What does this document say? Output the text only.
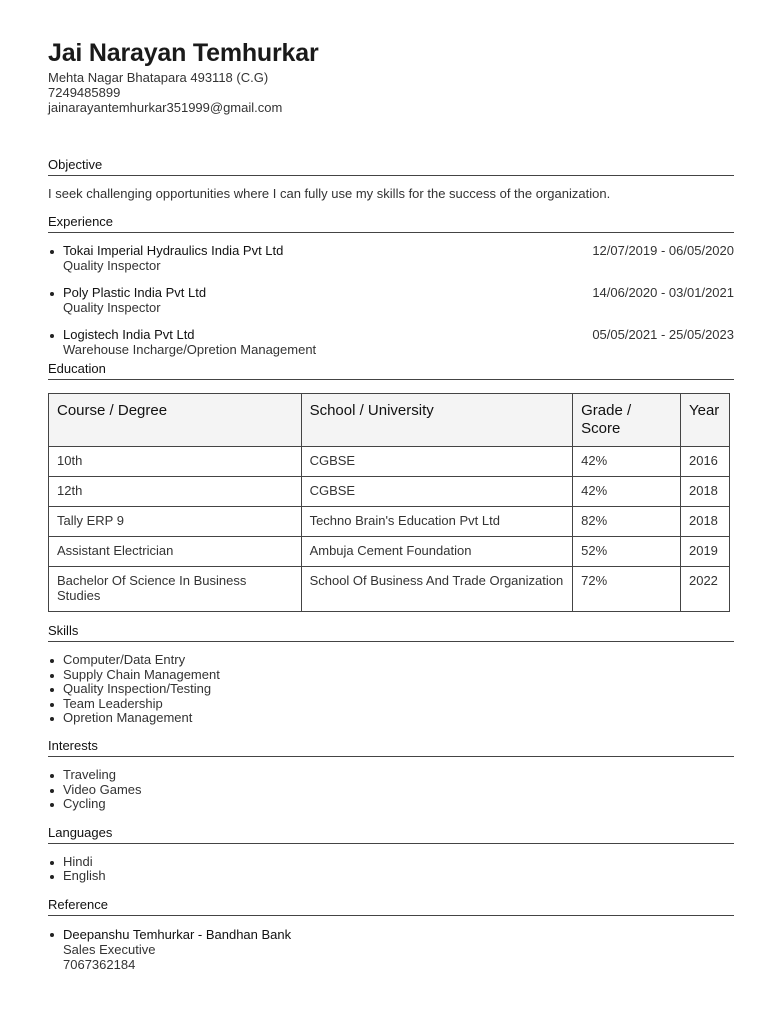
Jai Narayan Temhurkar
Mehta Nagar Bhatapara 493118 (C.G)
7249485899
jainarayantemhurkar351999@gmail.com
Objective
I seek challenging opportunities where I can fully use my skills for the success of the organization.
Experience
Tokai Imperial Hydraulics India Pvt Ltd
Quality Inspector
12/07/2019 - 06/05/2020
Poly Plastic India Pvt Ltd
Quality Inspector
14/06/2020 - 03/01/2021
Logistech India Pvt Ltd
Warehouse Incharge/Opretion Management
05/05/2021 - 25/05/2023
Education
Course / Degree	School / University	Grade / Score	Year
10th	CGBSE	42%	2016
12th	CGBSE	42%	2018
Tally ERP 9	Techno Brain's Education Pvt Ltd	82%	2018
Assistant Electrician	Ambuja Cement Foundation	52%	2019
Bachelor Of Science In Business Studies	School Of Business And Trade Organization	72%	2022
Skills
Computer/Data Entry
Supply Chain Management
Quality Inspection/Testing
Team Leadership
Opretion Management
Interests
Traveling
Video Games
Cycling
Languages
Hindi
English
Reference
Deepanshu Temhurkar - Bandhan Bank
Sales Executive
7067362184
